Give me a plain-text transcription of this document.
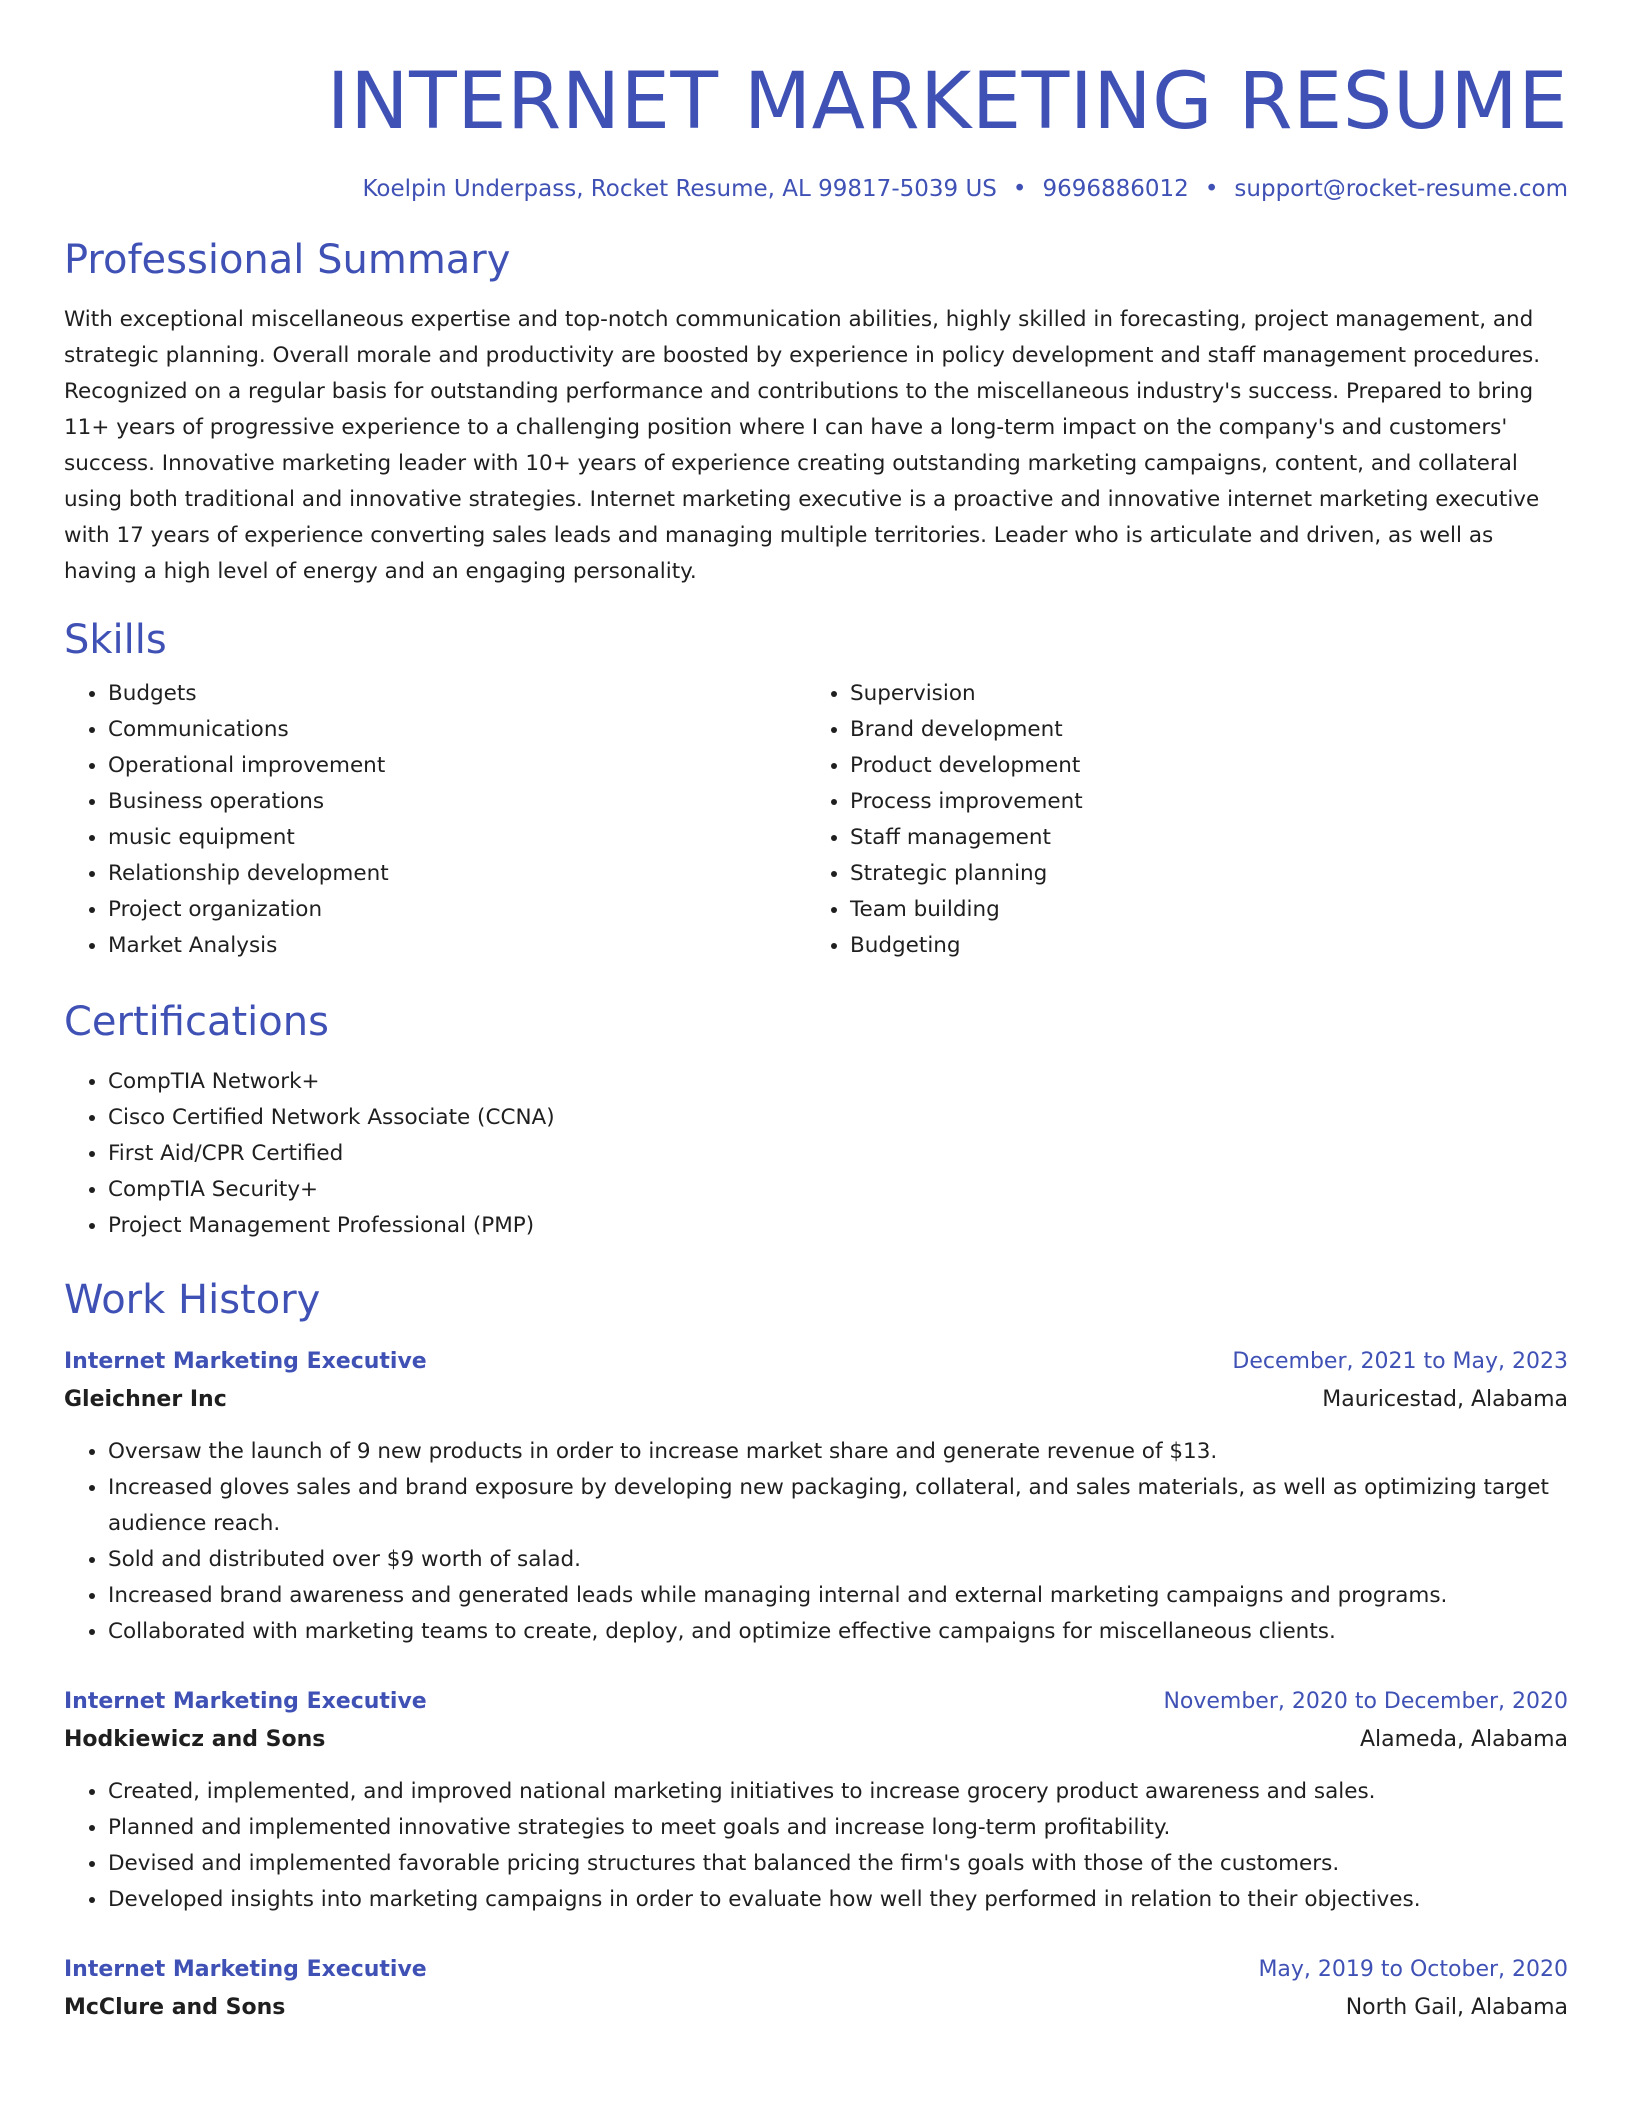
INTERNET MARKETING RESUME
Koelpin Underpass, Rocket Resume, AL 99817-5039 US • 9696886012 • support@rocket-resume.com
Professional Summary

With exceptional miscellaneous expertise and top-notch communication abilities, highly skilled in forecasting, project management, and strategic planning. Overall morale and productivity are boosted by experience in policy development and staff management procedures. Recognized on a regular basis for outstanding performance and contributions to the miscellaneous industry's success. Prepared to bring 11+ years of progressive experience to a challenging position where I can have a long-term impact on the company's and customers' success. Innovative marketing leader with 10+ years of experience creating outstanding marketing campaigns, content, and collateral using both traditional and innovative strategies. Internet marketing executive is a proactive and innovative internet marketing executive with 17 years of experience converting sales leads and managing multiple territories. Leader who is articulate and driven, as well as having a high level of energy and an engaging personality.

Skills
• Budgets
• Communications
• Operational improvement
• Business operations
• music equipment
• Relationship development
• Project organization
• Market Analysis
• Supervision
• Brand development
• Product development
• Process improvement
• Staff management
• Strategic planning
• Team building
• Budgeting
Certifications
• CompTIA Network+
• Cisco Certified Network Associate (CCNA)
• First Aid/CPR Certified
• CompTIA Security+
• Project Management Professional (PMP)
Work History
Internet Marketing Executive	December, 2021 to May, 2023
Gleichner Inc	Mauricestad, Alabama
• Oversaw the launch of 9 new products in order to increase market share and generate revenue of $13.
• Increased gloves sales and brand exposure by developing new packaging, collateral, and sales materials, as well as optimizing target audience reach.
• Sold and distributed over $9 worth of salad.
• Increased brand awareness and generated leads while managing internal and external marketing campaigns and programs.
• Collaborated with marketing teams to create, deploy, and optimize effective campaigns for miscellaneous clients.
Internet Marketing Executive	November, 2020 to December, 2020
Hodkiewicz and Sons	Alameda, Alabama
• Created, implemented, and improved national marketing initiatives to increase grocery product awareness and sales.
• Planned and implemented innovative strategies to meet goals and increase long-term profitability.
• Devised and implemented favorable pricing structures that balanced the firm's goals with those of the customers.
• Developed insights into marketing campaigns in order to evaluate how well they performed in relation to their objectives.
Internet Marketing Executive	May, 2019 to October, 2020
McClure and Sons	North Gail, Alabama
